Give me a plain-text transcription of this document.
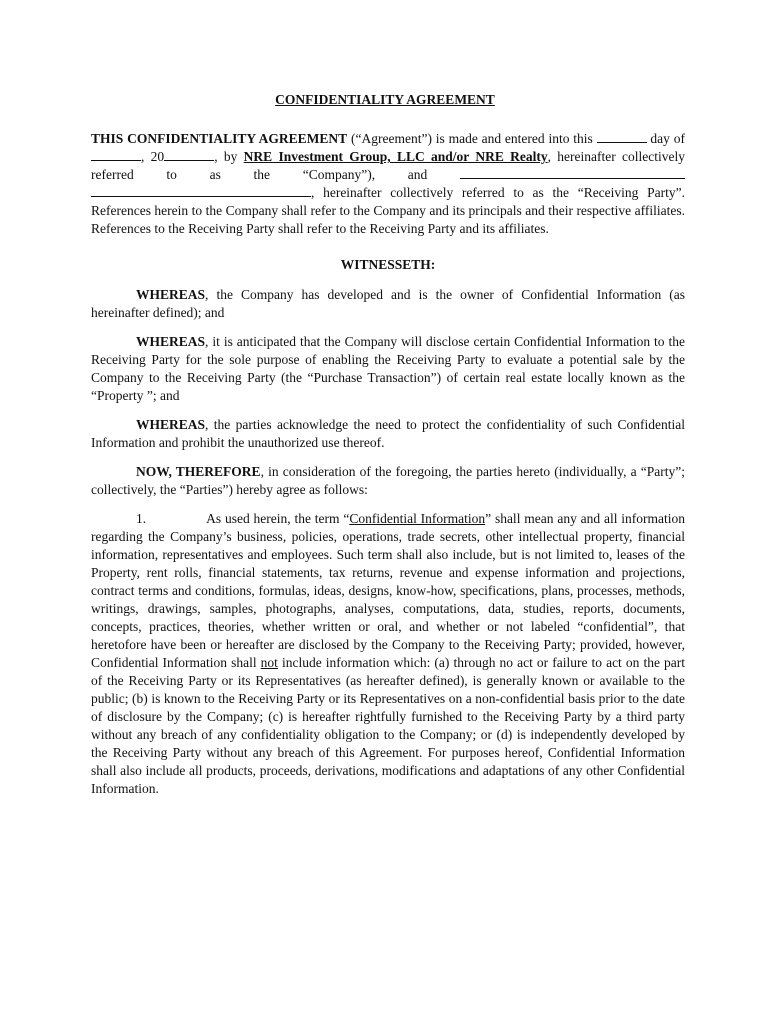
CONFIDENTIALITY AGREEMENT

THIS CONFIDENTIALITY AGREEMENT (“Agreement”) is made and entered into this	day of , 20	, by NRE Investment Group, LLC and/or NRE Realty, hereinafter collectively referred to as the “Company”), and  , hereinafter collectively referred to as the “Receiving Party”. References herein to the Company shall refer to the Company and its principals and their respective affiliates. References to the Receiving Party shall refer to the Receiving Party and its affiliates.

WITNESSETH:

WHEREAS, the Company has developed and is the owner of Confidential Information (as hereinafter defined); and

WHEREAS, it is anticipated that the Company will disclose certain Confidential Information to the Receiving Party for the sole purpose of enabling the Receiving Party to evaluate a potential sale by the Company to the Receiving Party (the “Purchase Transaction”) of certain real estate locally known as the “Property ”; and

WHEREAS, the parties acknowledge the need to protect the confidentiality of such Confidential Information and prohibit the unauthorized use thereof.

NOW, THEREFORE, in consideration of the foregoing, the parties hereto (individually, a “Party”; collectively, the “Parties”) hereby agree as follows:

1.	As used herein, the term “Confidential Information” shall mean any and all information regarding the Company’s business, policies, operations, trade secrets, other intellectual property, financial information, representatives and employees. Such term shall also include, but is not limited to, leases of the Property, rent rolls, financial statements, tax returns, revenue and expense information and projections, contract terms and conditions, formulas, ideas, designs, know-how, specifications, plans, processes, methods, writings, drawings, samples, photographs, analyses, computations, data, studies, reports, documents, concepts, practices, theories, whether written or oral, and whether or not labeled “confidential”, that heretofore have been or hereafter are disclosed by the Company to the Receiving Party; provided, however, Confidential Information shall not include information which: (a) through no act or failure to act on the part of the Receiving Party or its Representatives (as hereafter defined), is generally known or available to the public; (b) is known to the Receiving Party or its Representatives on a non-confidential basis prior to the date of disclosure by the Company; (c) is hereafter rightfully furnished to the Receiving Party by a third party without any breach of any confidentiality obligation to the Company; or (d) is independently developed by the Receiving Party without any breach of this Agreement. For purposes hereof, Confidential Information shall also include all products, proceeds, derivations, modifications and adaptations of any other Confidential Information.
